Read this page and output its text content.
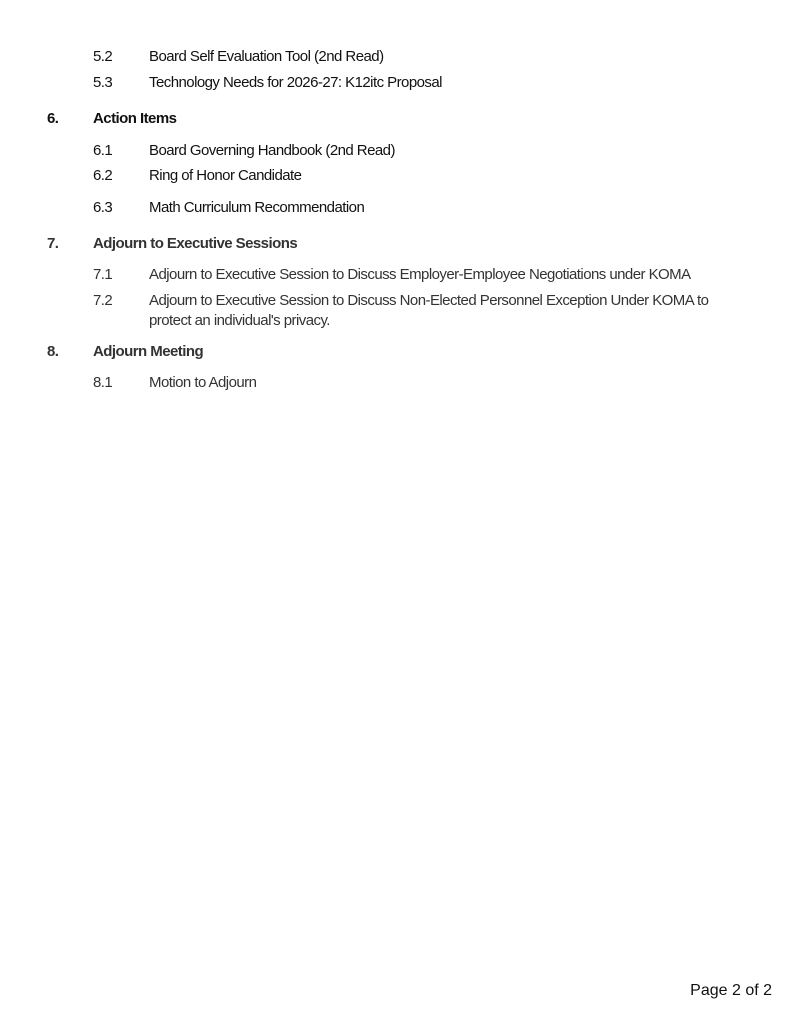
5.2 Board Self Evaluation Tool (2nd Read)
5.3 Technology Needs for 2026-27: K12itc Proposal
6. Action Items
6.1 Board Governing Handbook (2nd Read)
6.2 Ring of Honor Candidate
6.3 Math Curriculum Recommendation
7. Adjourn to Executive Sessions
7.1 Adjourn to Executive Session to Discuss Employer-Employee Negotiations under KOMA
7.2 Adjourn to Executive Session to Discuss Non-Elected Personnel Exception Under KOMA to protect an individual's privacy.
8. Adjourn Meeting
8.1 Motion to Adjourn
Page 2 of 2
